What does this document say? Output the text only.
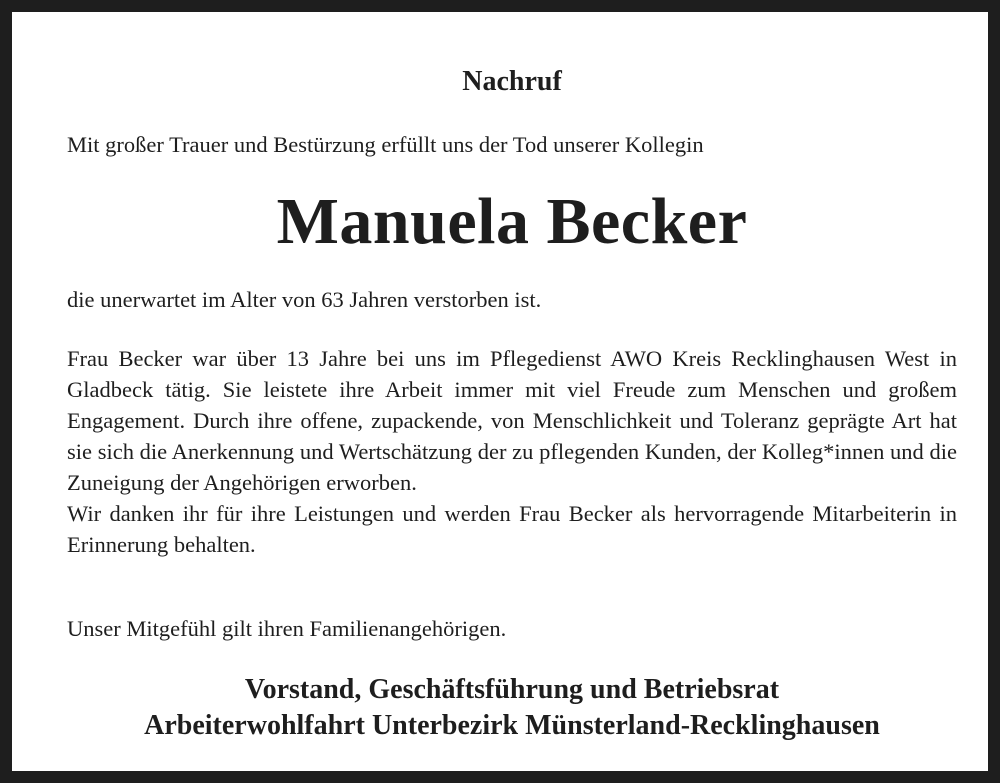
Nachruf
Mit großer Trauer und Bestürzung erfüllt uns der Tod unserer Kollegin
Manuela Becker
die unerwartet im Alter von 63 Jahren verstorben ist.

Frau Becker war über 13 Jahre bei uns im Pflegedienst AWO Kreis Recklinghausen West in Gladbeck tätig. Sie leistete ihre Arbeit immer mit viel Freude zum Menschen und großem Engagement. Durch ihre offene, zupackende, von Menschlichkeit und Toleranz geprägte Art hat sie sich die Anerkennung und Wertschätzung der zu pflegenden Kunden, der Kolleg*innen und die Zuneigung der Angehörigen erworben.

Wir danken ihr für ihre Leistungen und werden Frau Becker als hervorragende Mitarbeiterin in Erinnerung behalten.

Unser Mitgefühl gilt ihren Familienangehörigen.
Vorstand, Geschäftsführung und Betriebsrat
Arbeiterwohlfahrt Unterbezirk Münsterland-Recklinghausen
